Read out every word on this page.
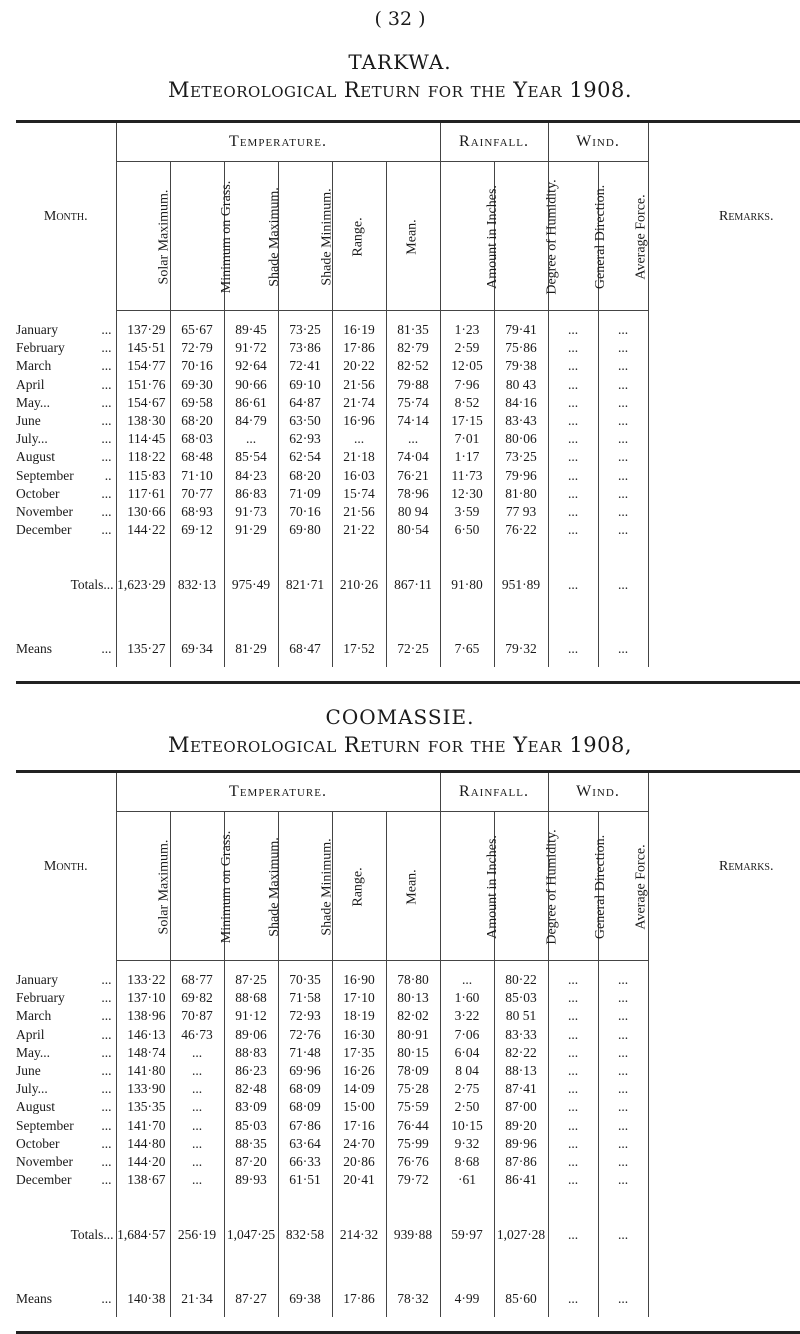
( 32 )
TARKWA.
Meteorological Return for the Year 1908.
Month.	Temperature.						Rainfall.		Wind.		Remarks.
	Solar Maximum.	Minimum on Grass.	Shade Maximum.	Shade Minimum.	Range.	Mean.	Amount in Inches.	Degree of Humidity.	General Direction.	Average Force.	

...
January	137·29	65·67	89·45	73·25	16·19	81·35	1·23	79·41	...	...	

...
February	145·51	72·79	91·72	73·86	17·86	82·79	2·59	75·86	...	...	

...
March	154·77	70·16	92·64	72·41	20·22	82·52	12·05	79·38	...	...	

...
April	151·76	69·30	90·66	69·10	21·56	79·88	7·96	80 43	...	...	

...
May...	154·67	69·58	86·61	64·87	21·74	75·74	8·52	84·16	...	...	

...
June	138·30	68·20	84·79	63·50	16·96	74·14	17·15	83·43	...	...	

...
July...	114·45	68·03	...	62·93	...	...	7·01	80·06	...	...	

...
August	118·22	68·48	85·54	62·54	21·18	74·04	1·17	73·25	...	...	

..
September	115·83	71·10	84·23	68·20	16·03	76·21	11·73	79·96	...	...	

...
October	117·61	70·77	86·83	71·09	15·74	78·96	12·30	81·80	...	...	

...
November	130·66	68·93	91·73	70·16	21·56	80 94	3·59	77 93	...	...	

...
December	144·22	69·12	91·29	69·80	21·22	80·54	6·50	76·22	...	...	

Totals...	1,623·29	832·13	975·49	821·71	210·26	867·11	91·80	951·89	...	...	

...
Means	135·27	69·34	81·29	68·47	17·52	72·25	7·65	79·32	...	...	

COOMASSIE.
Meteorological Return for the Year 1908,
Month.	Temperature.						Rainfall.		Wind.		Remarks.
	Solar Maximum.	Minimum on Grass.	Shade Maximum.	Shade Minimum.	Range.	Mean.	Amount in Inches.	Degree of Humidity.	General Direction.	Average Force.	

...
January	133·22	68·77	87·25	70·35	16·90	78·80	...	80·22	...	...	

...
February	137·10	69·82	88·68	71·58	17·10	80·13	1·60	85·03	...	...	

...
March	138·96	70·87	91·12	72·93	18·19	82·02	3·22	80 51	...	...	

...
April	146·13	46·73	89·06	72·76	16·30	80·91	7·06	83·33	...	...	

...
May...	148·74	...	88·83	71·48	17·35	80·15	6·04	82·22	...	...	

...
June	141·80	...	86·23	69·96	16·26	78·09	8 04	88·13	...	...	

...
July...	133·90	...	82·48	68·09	14·09	75·28	2·75	87·41	...	...	

...
August	135·35	...	83·09	68·09	15·00	75·59	2·50	87·00	...	...	

...
September	141·70	...	85·03	67·86	17·16	76·44	10·15	89·20	...	...	

...
October	144·80	...	88·35	63·64	24·70	75·99	9·32	89·96	...	...	

...
November	144·20	...	87·20	66·33	20·86	76·76	8·68	87·86	...	...	

...
December	138·67	...	89·93	61·51	20·41	79·72	·61	86·41	...	...	

Totals...	1,684·57	256·19	1,047·25	832·58	214·32	939·88	59·97	1,027·28	...	...	

...
Means	140·38	21·34	87·27	69·38	17·86	78·32	4·99	85·60	...	...	
